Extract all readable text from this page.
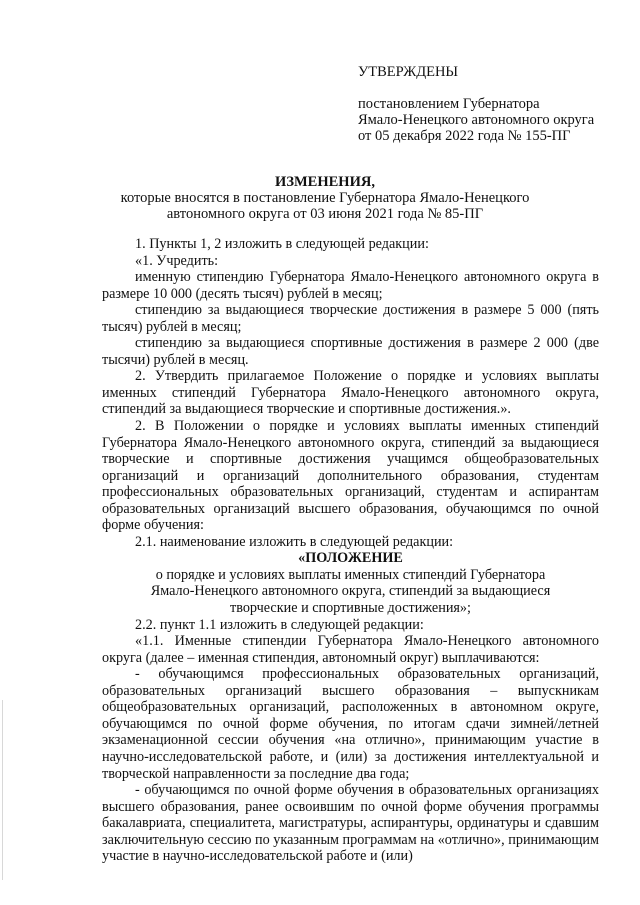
УТВЕРЖДЕНЫ
постановлением Губернатора
Ямало-Ненецкого автономного округа
от 05 декабря 2022 года № 155-ПГ
ИЗМЕНЕНИЯ,
которые вносятся в постановление Губернатора Ямало-Ненецкого
автономного округа от 03 июня 2021 года № 85-ПГ

1. Пункты 1, 2 изложить в следующей редакции:

«1. Учредить:

именную стипендию Губернатора Ямало-Ненецкого автономного округа в размере 10 000 (десять тысяч) рублей в месяц;

стипендию за выдающиеся творческие достижения в размере 5 000 (пять тысяч) рублей в месяц;

стипендию за выдающиеся спортивные достижения в размере 2 000 (две тысячи) рублей в месяц.

2. Утвердить прилагаемое Положение о порядке и условиях выплаты именных стипендий Губернатора Ямало-Ненецкого автономного округа, стипендий за выдающиеся творческие и спортивные достижения.».

2. В Положении о порядке и условиях выплаты именных стипендий Губернатора Ямало-Ненецкого автономного округа, стипендий за выдающиеся творческие и спортивные достижения учащимся общеобразовательных организаций и организаций дополнительного образования, студентам профессиональных образовательных организаций, студентам и аспирантам образовательных организаций высшего образования, обучающимся по очной форме обучения:

2.1. наименование изложить в следующей редакции:

«ПОЛОЖЕНИЕ

о порядке и условиях выплаты именных стипендий Губернатора

Ямало-Ненецкого автономного округа, стипендий за выдающиеся

творческие и спортивные достижения»;

2.2. пункт 1.1 изложить в следующей редакции:

«1.1. Именные стипендии Губернатора Ямало-Ненецкого автономного округа (далее – именная стипендия, автономный округ) выплачиваются:

- обучающимся профессиональных образовательных организаций, образовательных организаций высшего образования – выпускникам общеобразовательных организаций, расположенных в автономном округе, обучающимся по очной форме обучения, по итогам сдачи зимней/летней экзаменационной сессии обучения «на отлично», принимающим участие в научно-исследовательской работе, и (или) за достижения интеллектуальной и творческой направленности за последние два года;

- обучающимся по очной форме обучения в образовательных организациях высшего образования, ранее освоившим по очной форме обучения программы бакалавриата, специалитета, магистратуры, аспирантуры, ординатуры и сдавшим заключительную сессию по указанным программам на «отлично», принимающим участие в научно-исследовательской работе и (или)
